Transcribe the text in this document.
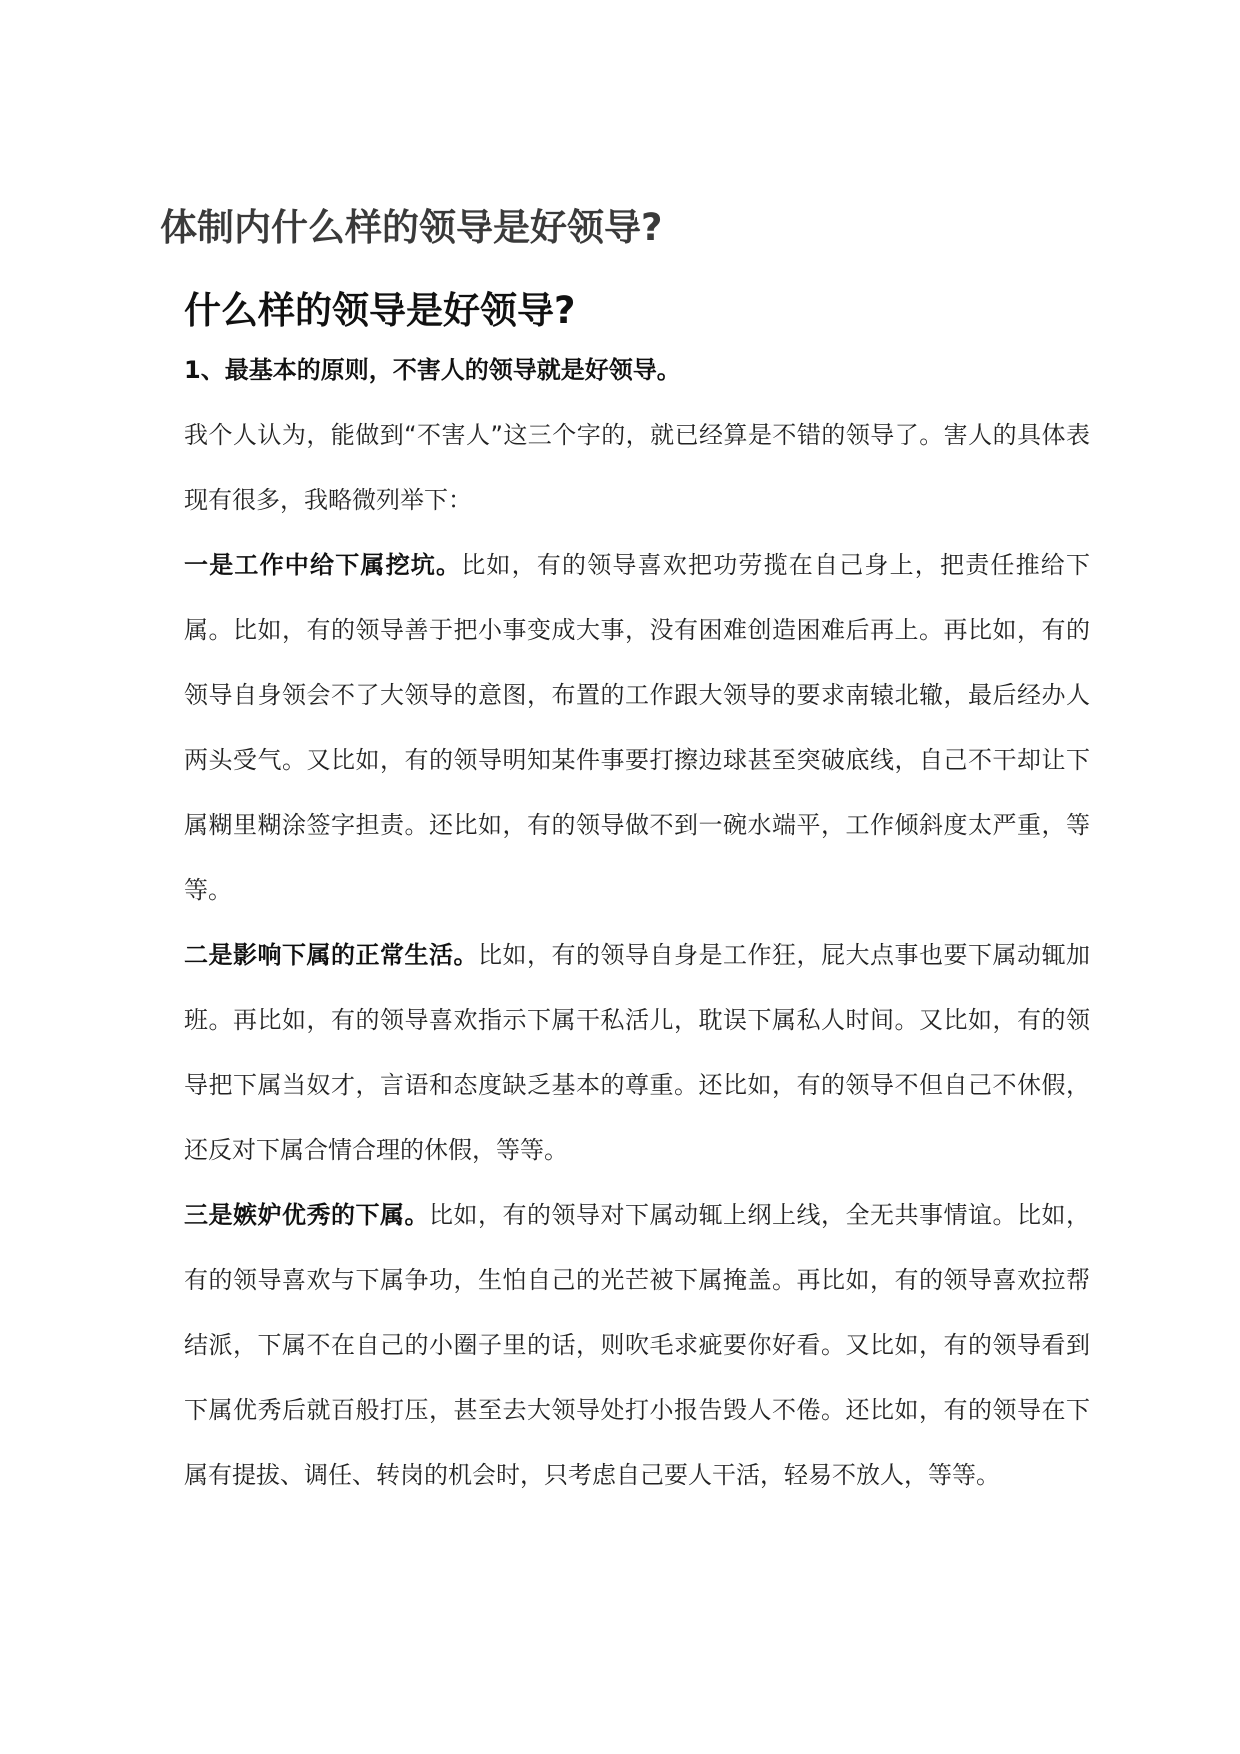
体制内什么样的领导是好领导?
什么样的领导是好领导?
1、最基本的原则，不害人的领导就是好领导。

我个人认为，能做到“不害人”这三个字的，就已经算是不错的领导了。害人的具体表现有很多，我略微列举下：

一是工作中给下属挖坑。比如，有的领导喜欢把功劳揽在自己身上，把责任推给下属。比如，有的领导善于把小事变成大事，没有困难创造困难后再上。再比如，有的领导自身领会不了大领导的意图，布置的工作跟大领导的要求南辕北辙，最后经办人两头受气。又比如，有的领导明知某件事要打擦边球甚至突破底线，自己不干却让下属糊里糊涂签字担责。还比如，有的领导做不到一碗水端平，工作倾斜度太严重，等等。

二是影响下属的正常生活。比如，有的领导自身是工作狂，屁大点事也要下属动辄加班。再比如，有的领导喜欢指示下属干私活儿，耽误下属私人时间。又比如，有的领导把下属当奴才，言语和态度缺乏基本的尊重。还比如，有的领导不但自己不休假，还反对下属合情合理的休假，等等。

三是嫉妒优秀的下属。比如，有的领导对下属动辄上纲上线，全无共事情谊。比如，有的领导喜欢与下属争功，生怕自己的光芒被下属掩盖。再比如，有的领导喜欢拉帮结派，下属不在自己的小圈子里的话，则吹毛求疵要你好看。又比如，有的领导看到下属优秀后就百般打压，甚至去大领导处打小报告毁人不倦。还比如，有的领导在下属有提拔、调任、转岗的机会时，只考虑自己要人干活，轻易不放人，等等。
